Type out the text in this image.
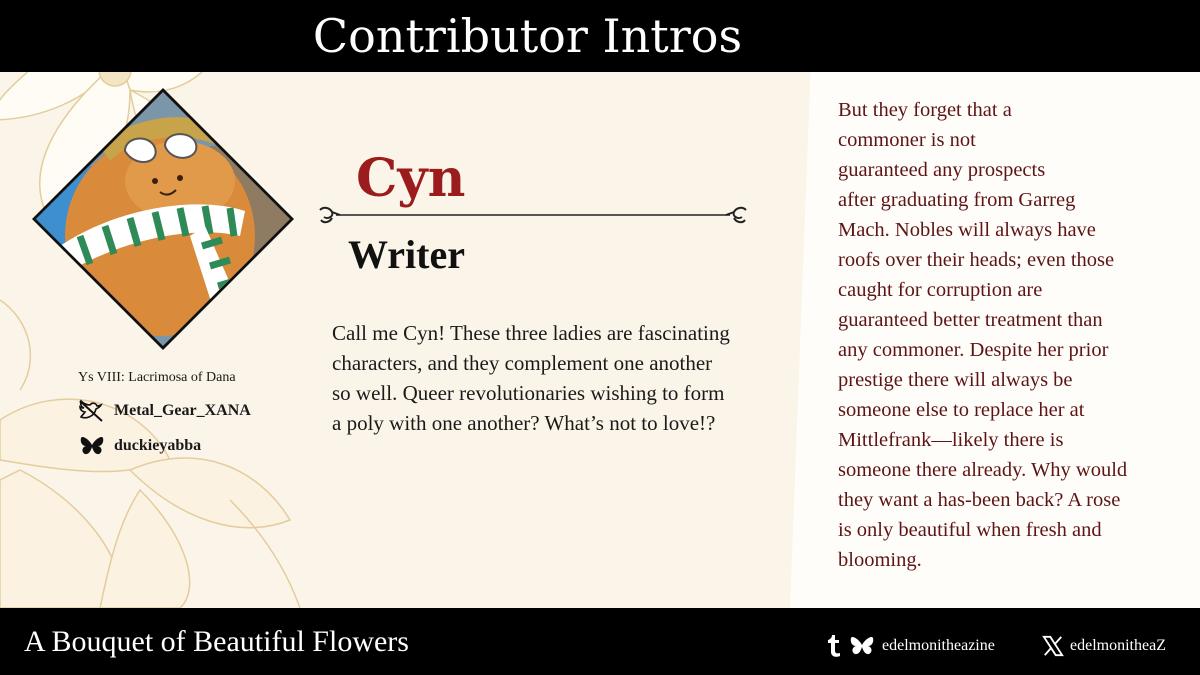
Contributor Intros
Ys VIII: Lacrimosa of Dana
Metal_Gear_XANA
duckieyabba
Cyn
Writer
Call me Cyn! These three ladies are fascinating characters, and they complement one another so well. Queer revolutionaries wishing to form a poly with one another? What’s not to love!?
But they forget that a
commoner is not
guaranteed any prospects
after graduating from Garreg
Mach. Nobles will always have
roofs over their heads; even those
caught for corruption are
guaranteed better treatment than
any commoner. Despite her prior
prestige there will always be
someone else to replace her at
Mittlefrank—likely there is
someone there already. Why would
they want a has-been back? A rose
is only beautiful when fresh and
blooming.
A Bouquet of Beautiful Flowers	edelmonitheazine	edelmonitheaZ
